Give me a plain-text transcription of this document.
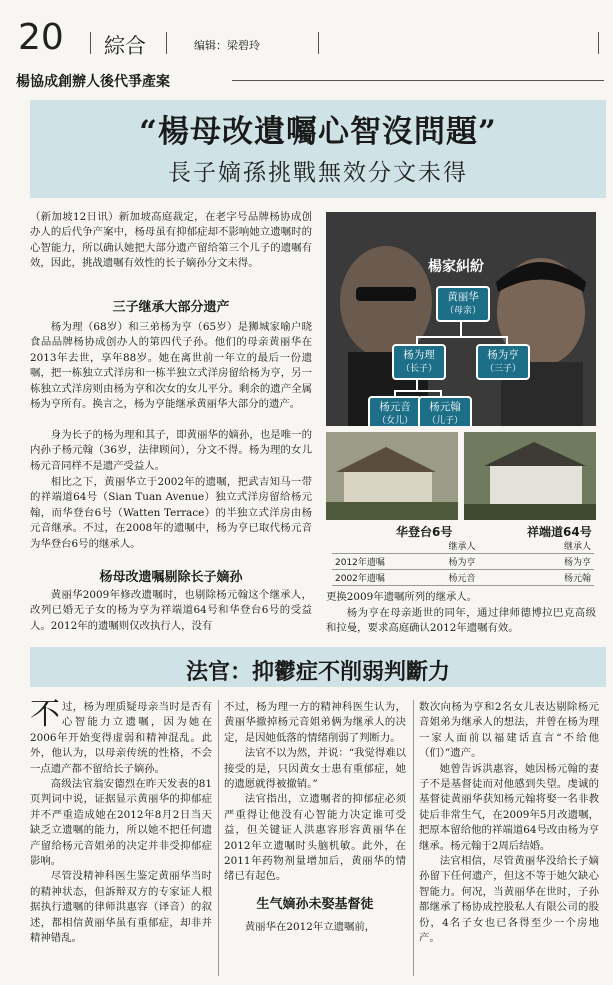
20 綜合	编辑：梁碧玲
楊協成創辦人後代爭產案
“楊母改遺囑心智沒問題”
長子嫡孫挑戰無效分文未得
（新加坡12日讯）新加坡高庭裁定，在老字号品牌杨协成创办人的后代争产案中，杨母虽有抑郁症却不影响她立遗嘱时的心智能力，所以确认她把大部分遗产留给第三个儿子的遗嘱有效，因此，挑战遗嘱有效性的长子嫡孙分文未得。
三子继承大部分遗产
杨为理（68岁）和三弟杨为亨（65岁）是狮城家喻户晓食品品牌杨协成创办人的第四代子孙。他们的母亲黄丽华在2013年去世，享年88岁。她在离世前一年立的最后一份遗嘱，把一栋独立式洋房和一栋半独立式洋房留给杨为亨，另一栋独立式洋房则由杨为亨和次女的女儿平分。剩余的遗产全属杨为亨所有。换言之，杨为亨能继承黄丽华大部分的遗产。
身为长子的杨为理和其子，即黄丽华的嫡孙，也是唯一的内孙子杨元翰（36岁，法律顾问），分文不得。杨为理的女儿杨元音同样不是遗产受益人。
相比之下，黄丽华立于2002年的遗嘱，把武吉知马一带的祥端道64号（Sian Tuan Avenue）独立式洋房留给杨元翰，而华登台6号（Watten Terrace）的半独立式洋房由杨元音继承。不过，在2008年的遗嘱中，杨为亨已取代杨元音为华登台6号的继承人。
杨母改遗嘱剔除长子嫡孙
黄丽华2009年修改遗嘱时，也剔除杨元翰这个继承人，改列已婚无子女的杨为亨为祥端道64号和华登台6号的受益人。2012年的遗嘱则仅改执行人，没有
楊家糾紛
黄丽华
（母亲）
杨为理
（长子）
杨为亨
（三子）
杨元音
（女儿）
杨元翰
（儿子）
华登台6号	祥端道64号
	继承人	继承人
2012年遗嘱	杨为亨	杨为亨
2002年遗嘱	杨元音	杨元翰
更换2009年遗嘱所列的继承人。
杨为亨在母亲逝世的同年，通过律师德博拉巴克高级和拉曼，要求高庭确认2012年遗嘱有效。
法官：抑鬱症不削弱判斷力
不过，杨为理质疑母亲当时是否有心智能力立遗嘱，因为她在2006年开始变得虚弱和精神混乱。此外，他认为，以母亲传统的性格，不会一点遗产都不留给长子嫡孙。
高级法官翁安德烈在昨天发表的81页判词中说，证据显示黄丽华的抑郁症并不严重造成她在2012年8月2日当天缺乏立遗嘱的能力，所以她不把任何遗产留给杨元音姐弟的决定并非受抑郁症影响。
尽管没精神科医生鉴定黄丽华当时的精神状态，但訴辩双方的专家证人根据执行遗嘱的律师洪惠容（译音）的叙述，都相信黄丽华虽有重郁症，却非并精神错乱。
不过，杨为理一方的精神科医生认为，黄丽华撤掉杨元音姐弟俩为继承人的决定，是因她低落的情绪削弱了判断力。
法官不以为然，并说：“我觉得难以接受的是，只因黄女士患有重郁症，她的遗愿就得被撤销。”
法官指出，立遗嘱者的抑郁症必须严重得让他没有心智能力决定谁可受益，但关键证人洪惠容形容黄丽华在2012年立遗嘱时头脑机敏。此外，在2011年药物剂量增加后，黄丽华的情绪已有起色。
生气嫡孙未娶基督徒
黄丽华在2012年立遗嘱前，
数次向杨为亨和2名女儿表达剔除杨元音姐弟为继承人的想法，并曾在杨为理一家人面前以福建话直言“不给他（们）”遗产。
她曾告诉洪惠容，她因杨元翰的妻子不是基督徒而对他感到失望。虔诚的基督徒黄丽华获知杨元翰将娶一名非教徒后非常生气，在2009年5月改遗嘱，把原本留给他的祥端道64号改由杨为亨继承。杨元翰于2周后结婚。
法官相信，尽管黄丽华没给长子嫡孙留下任何遗产，但这不等于她欠缺心智能力。何况，当黄丽华在世时，子孙都继承了杨协成控股私人有限公司的股份，4名子女也已各得至少一个房地产。
